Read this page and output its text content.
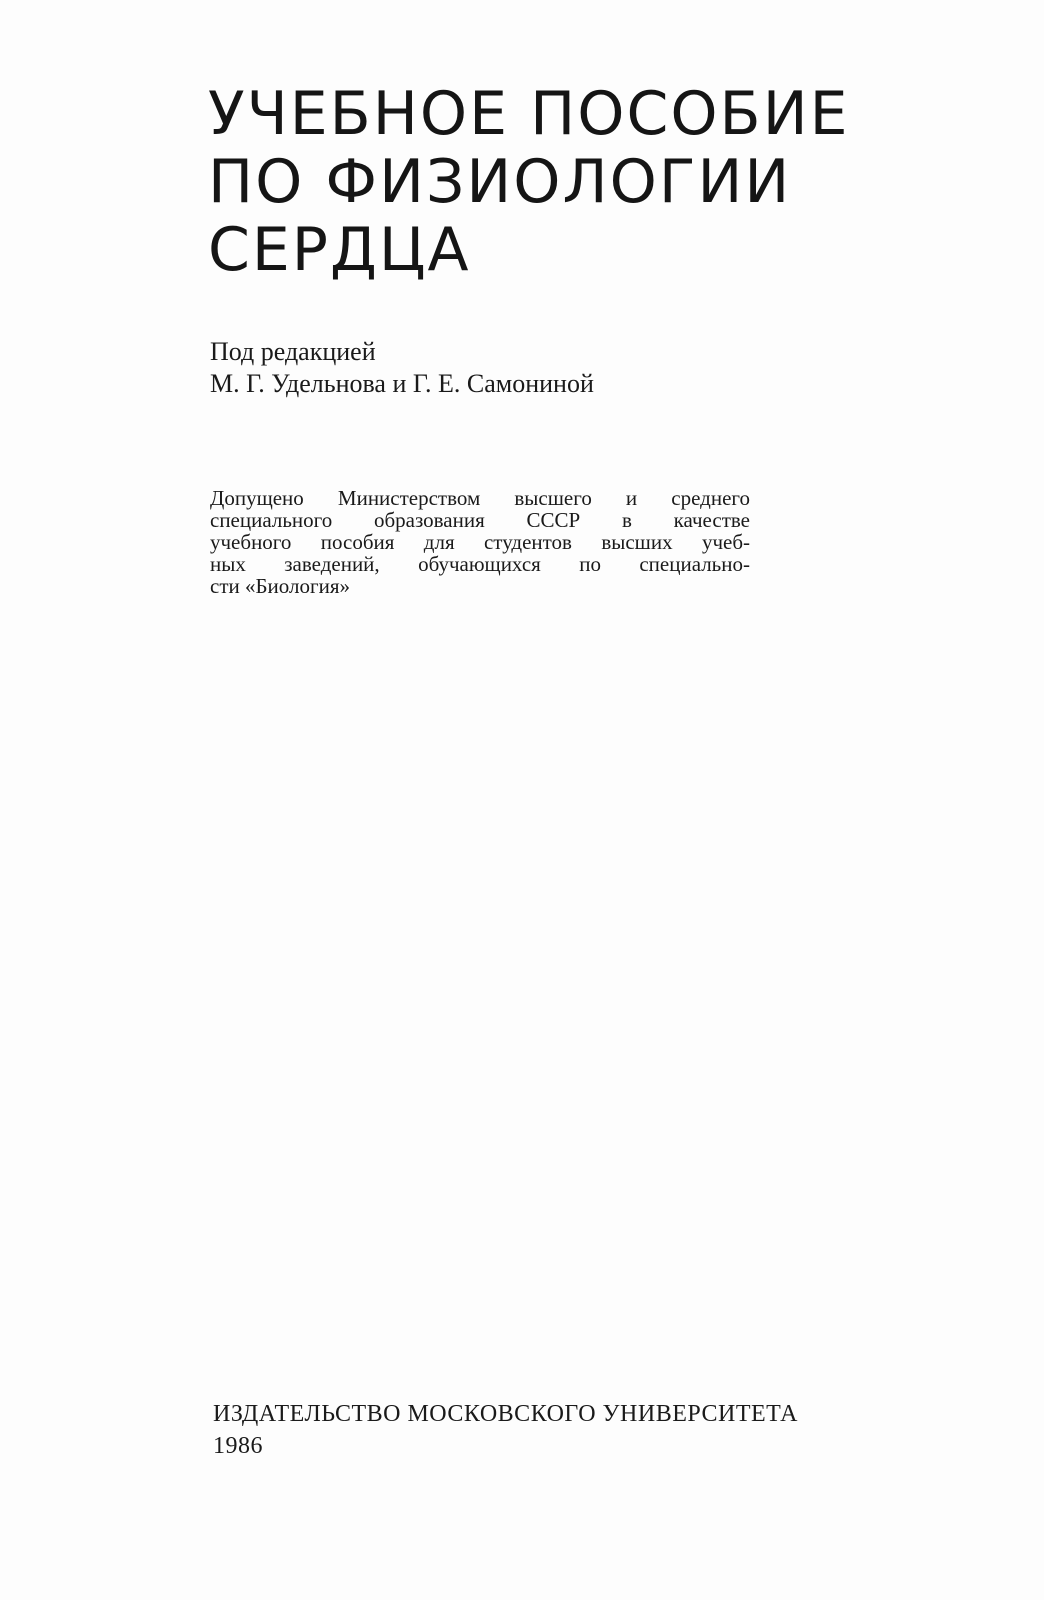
УЧЕБНОЕ ПОСОБИЕ
ПО ФИЗИОЛОГИИ
СЕРДЦА
Под редакцией
М. Г. Удельнова и Г. Е. Самониной
Допущено Министерством высшего и среднего
специального образования СССР в качестве
учебного пособия для студентов высших учеб-
ных заведений, обучающихся по специально-
сти «Биология»
ИЗДАТЕЛЬСТВО МОСКОВСКОГО УНИВЕРСИТЕТА
1986
